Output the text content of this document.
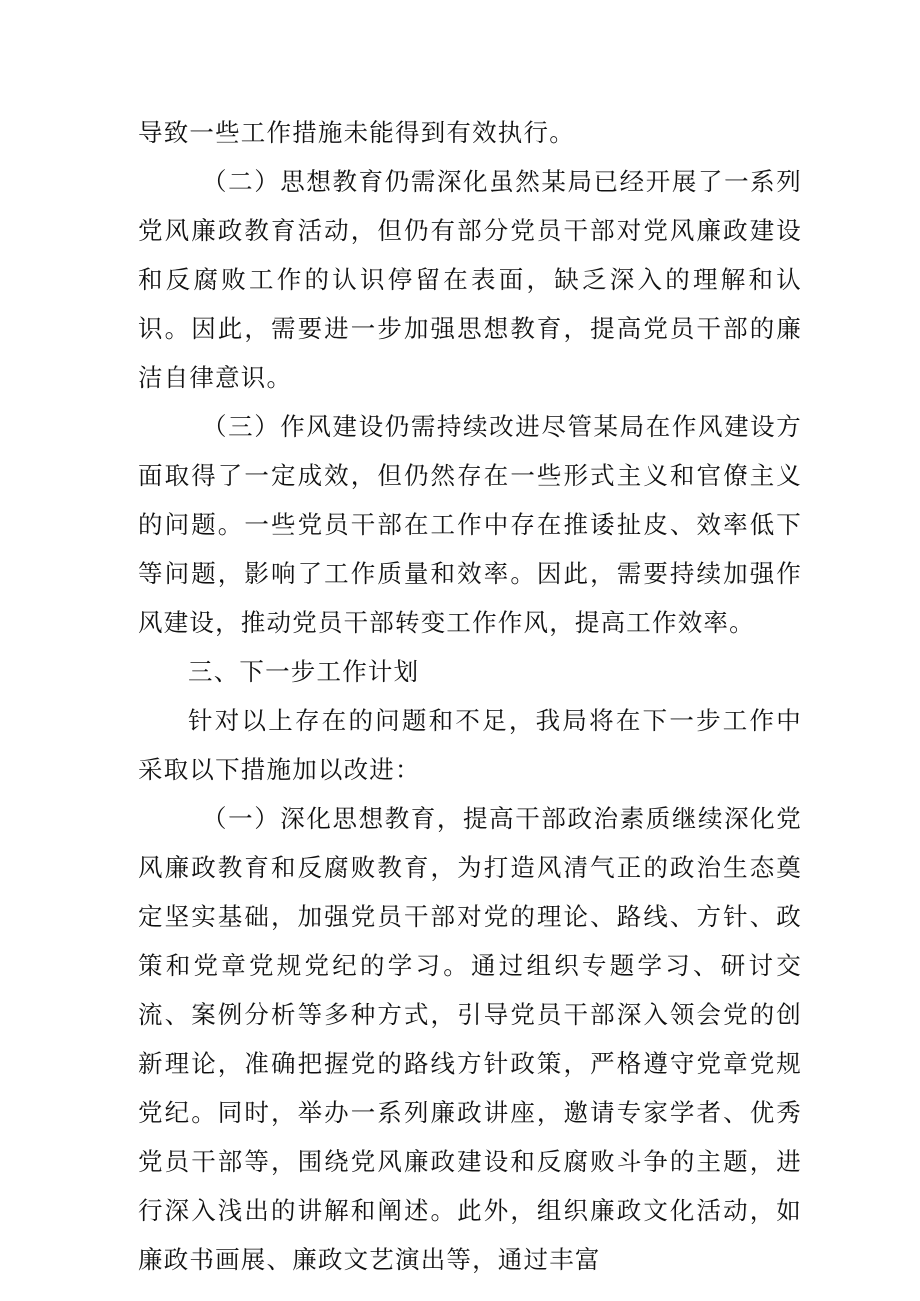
导致一些工作措施未能得到有效执行。

（二）思想教育仍需深化虽然某局已经开展了一系列党风廉政教育活动，但仍有部分党员干部对党风廉政建设和反腐败工作的认识停留在表面，缺乏深入的理解和认识。因此，需要进一步加强思想教育，提高党员干部的廉洁自律意识。

（三）作风建设仍需持续改进尽管某局在作风建设方面取得了一定成效，但仍然存在一些形式主义和官僚主义的问题。一些党员干部在工作中存在推诿扯皮、效率低下等问题，影响了工作质量和效率。因此，需要持续加强作风建设，推动党员干部转变工作作风，提高工作效率。

三、下一步工作计划

针对以上存在的问题和不足，我局将在下一步工作中采取以下措施加以改进：

（一）深化思想教育，提高干部政治素质继续深化党风廉政教育和反腐败教育，为打造风清气正的政治生态奠定坚实基础，加强党员干部对党的理论、路线、方针、政策和党章党规党纪的学习。通过组织专题学习、研讨交流、案例分析等多种方式，引导党员干部深入领会党的创新理论，准确把握党的路线方针政策，严格遵守党章党规党纪。同时，举办一系列廉政讲座，邀请专家学者、优秀党员干部等，围绕党风廉政建设和反腐败斗争的主题，进行深入浅出的讲解和阐述。此外，组织廉政文化活动，如廉政书画展、廉政文艺演出等，通过丰富
